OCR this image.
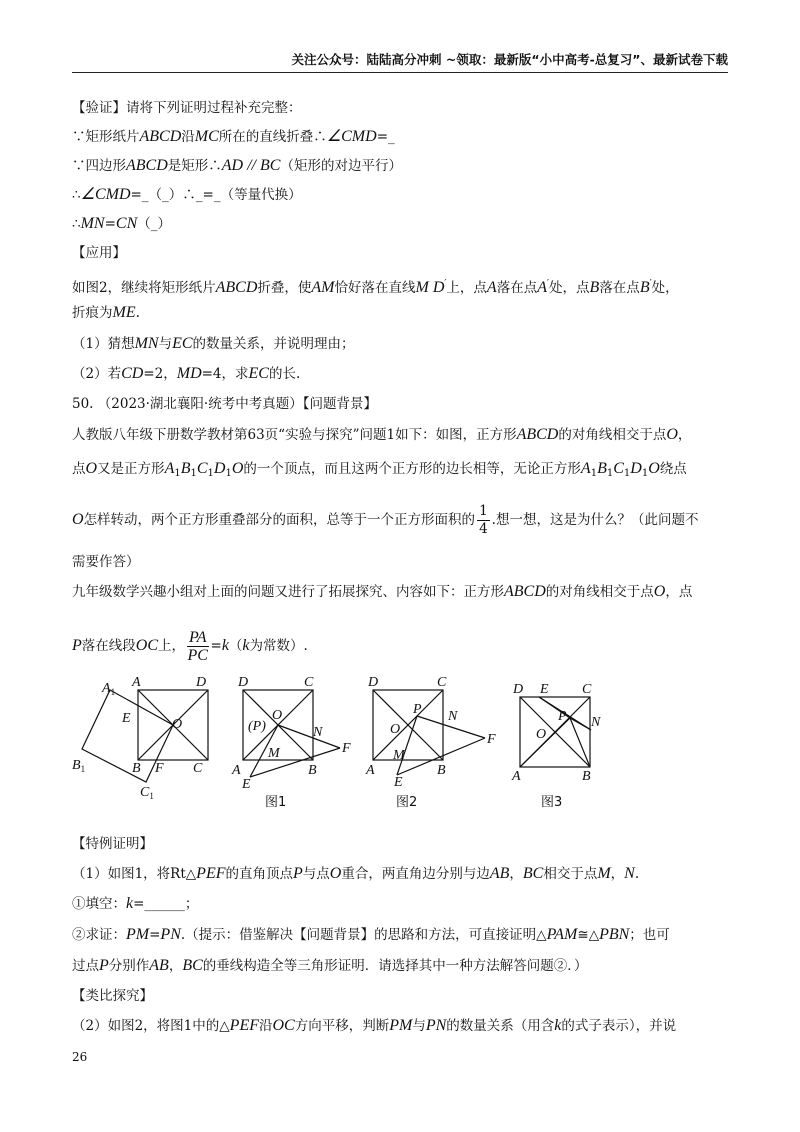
关注公众号：陆陆高分冲刺 ~领取：最新版“小中高考-总复习”、最新试卷下载
【验证】请将下列证明过程补充完整：
∵矩形纸片ABCD沿MC所在的直线折叠∴∠CMD=_
∵四边形ABCD是矩形∴AD // BC（矩形的对边平行）
∴∠CMD=_（_）∴_=_（等量代换）
∴MN=CN（_）
【应用】
如图2，继续将矩形纸片ABCD折叠，使AM恰好落在直线M D′上，点A落在点A′处，点B落在点B′处，
折痕为ME.
（1）猜想MN与EC的数量关系，并说明理由；
（2）若CD=2，MD=4，求EC的长.
50. （2023·湖北襄阳·统考中考真题）【问题背景】
人教版八年级下册数学教材第63页“实验与探究”问题1如下：如图，正方形ABCD的对角线相交于点O，
点O又是正方形$A_1B_1C_1D_1O$的一个顶点，而且这两个正方形的边长相等，无论正方形$A_1B_1C_1D_1O$绕点
O怎样转动，两个正方形重叠部分的面积，总等于一个正方形面积的 $\frac{1}{4}$ .想一想，这是为什么？（此问题不
需要作答）
九年级数学兴趣小组对上面的问题又进行了拓展探究、内容如下：正方形ABCD的对角线相交于点O，点
P落在线段OC上， $\frac{PA}{PC} =k(k$为常数）.
$A_1$
A	D
E	O
$B_1$	B F C
$C_1$
D	C
(P)
O
N
M	F
A
E
B
图1
D	C
P N
O
M
F
A
E
B
图2
D E C
P N
O
A	B
图3
【特例证明】
（1）如图1，将Rt△PEF的直角顶点P与点O重合，两直角边分别与边AB，BC相交于点M，N.
①填空：k=______；
②求证：PM=PN.（提示：借鉴解决【问题背景】的思路和方法，可直接证明△PAM≅△PBN；也可
过点P分别作AB，BC的垂线构造全等三角形证明．请选择其中一种方法解答问题②．）
【类比探究】
（2）如图2，将图1中的△PEF沿OC方向平移，判断PM与PN的数量关系（用含k的式子表示），并说
26
